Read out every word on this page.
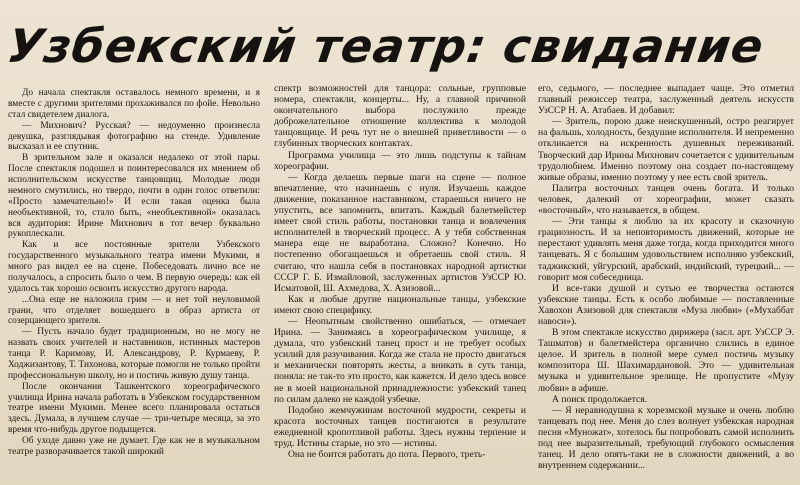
Узбекский театр: свидание

До начала спектакля оставалось немного времени, и я вместе с другими зрителями прохаживался по фойе. Невольно стал свидетелем диалога.

— Михнович? Русская? — недоуменно произнесла девушка, разглядывая фотографию на стенде. Удивление высказал и ее спутник.

В зрительном зале я оказался недалеко от этой пары. После спектакля подошел и поинтересовался их мнением об исполнительском искусстве танцовщиц. Молодые люди немного смутились, но твердо, почти в один голос ответили: «Просто замечательно!» И если такая оценка была необъективной, то, стало быть, «необъективной» оказалась вся аудитория: Ирине Михнович в тот вечер буквально рукоплескали.

Как и все постоянные зрители Узбекского государственного музыкального театра имени Мукими, я много раз видел ее на сцене. Побеседовать лично все не получалось, а спросить было о чем. В первую очередь: как ей удалось так хорошо освоить искусство другого народа.

...Она еще не наложила грим — и нет той неуловимой грани, что отделяет вошедшего в образ артиста от созерцающего зрителя.

— Пусть начало будет традиционным, но не могу не назвать своих учителей и наставников, истинных мастеров танца Р. Каримову, И. Александрову, Р. Курмаеву, Р. Ходжизантову, Т. Тихонова, которые помогли не только пройти профессиональную школу, но и постичь живую душу танца.

После окончания Ташкентского хореографического училища Ирина начала работать в Узбекском государственном театре имени Мукими. Менее всего планировала остаться здесь. Думала, в лучшем случае — три-четыре месяца, за это время что-нибудь другое подыщется.

Об уходе давно уже не думает. Где как не в музыкальном театре разворачивается такой широкий

спектр возможностей для танцора: сольные, групповые номера, спектакли, концерты... Ну, а главной причиной окончательного выбора послужило прежде доброжелательное отношение коллектива к молодой танцовщице. И речь тут не о внешней приветливости — о глубинных творческих контактах.

Программа училища — это лишь подступы к тайнам хореографии.

— Когда делаешь первые шаги на сцене — полное впечатление, что начинаешь с нуля. Изучаешь каждое движение, показанное наставником, стараешься ничего не упустить, все запомнить, впитать. Каждый балетмейстер имеет свой стиль работы, постановки танца и вовлечения исполнителей в творческий процесс. А у тебя собственная манера еще не выработана. Сложно? Конечно. Но постепенно обогащаешься и обретаешь свой стиль. Я считаю, что нашла себя в постановках народной артистки СССР Г. Б. Измайловой, заслуженных артистов УзССР Ю. Исматовой, Ш. Ахмедова, Х. Азизовой...

Как и любые другие национальные танцы, узбекские имеют свою специфику.

— Неопытным свойственно ошибаться, — отмечает Ирина. — Занимаясь в хореографическом училище, я думала, что узбекский танец прост и не требует особых усилий для разучивания. Когда же стала не просто двигаться и механически повторять жесты, а вникать в суть танца, поняла: не так-то это просто, как кажется. И дело здесь вовсе не в моей национальной принадлежности: узбекский танец по силам далеко не каждой узбечке.

Подобно жемчужинам восточной мудрости, секреты и красота восточных танцев постигаются в результате ежедневной кропотливой работы. Здесь нужны терпение и труд. Истины старые, но это — истины.

Она не боится работать до пота. Первого, треть-

его, седьмого, — последнее выпадает чаще. Это отметил главный режиссер театра, заслуженный деятель искусств УзССР Н. А. Атабаев. И добавил:

— Зритель, порою даже неискушенный, остро реагирует на фальшь, холодность, бездушие исполнителя. И непременно откликается на искренность душевных переживаний. Творческий дар Ирины Михнович сочетается с удивительным трудолюбием. Именно поэтому она создает по-настоящему живые образы, именно поэтому у нее есть свой зритель.

Палитра восточных танцев очень богата. И только человек, далекий от хореографии, может сказать «восточный», что называется, в общем.

— Эти танцы я люблю за их красоту и сказочную грациозность. И за неповторимость движений, которые не перестают удивлять меня даже тогда, когда приходится много танцевать. Я с большим удовольствием исполняю узбекский, таджикский, уйгурский, арабский, индийский, турецкий... — говорит моя собеседница.

И все-таки душой и сутью ее творчества остаются узбекские танцы. Есть к особо любимые — поставленные Хавохон Азизовой для спектакля «Муза любви» («Мухаббат навоси»).

В этом спектакле искусство дирижера (засл. арт. УзССР Э. Ташматов) и балетмейстера органично слились в единое целое. И зритель в полной мере сумел постичь музыку композитора Ш. Шахимардановой. Это — удивительная музыка и удивительное зрелище. Не пропустите «Музу любви» в афише.

А поиск продолжается.

— Я неравнодушна к хорезмской музыке и очень люблю танцевать под нее. Меня до слез волнует узбекская народная песня «Муножат», хотелось бы попробовать самой исполнить под нее выразительный, требующий глубокого осмысления танец. И дело опять-таки не в сложности движений, а во внутреннем содержании...
